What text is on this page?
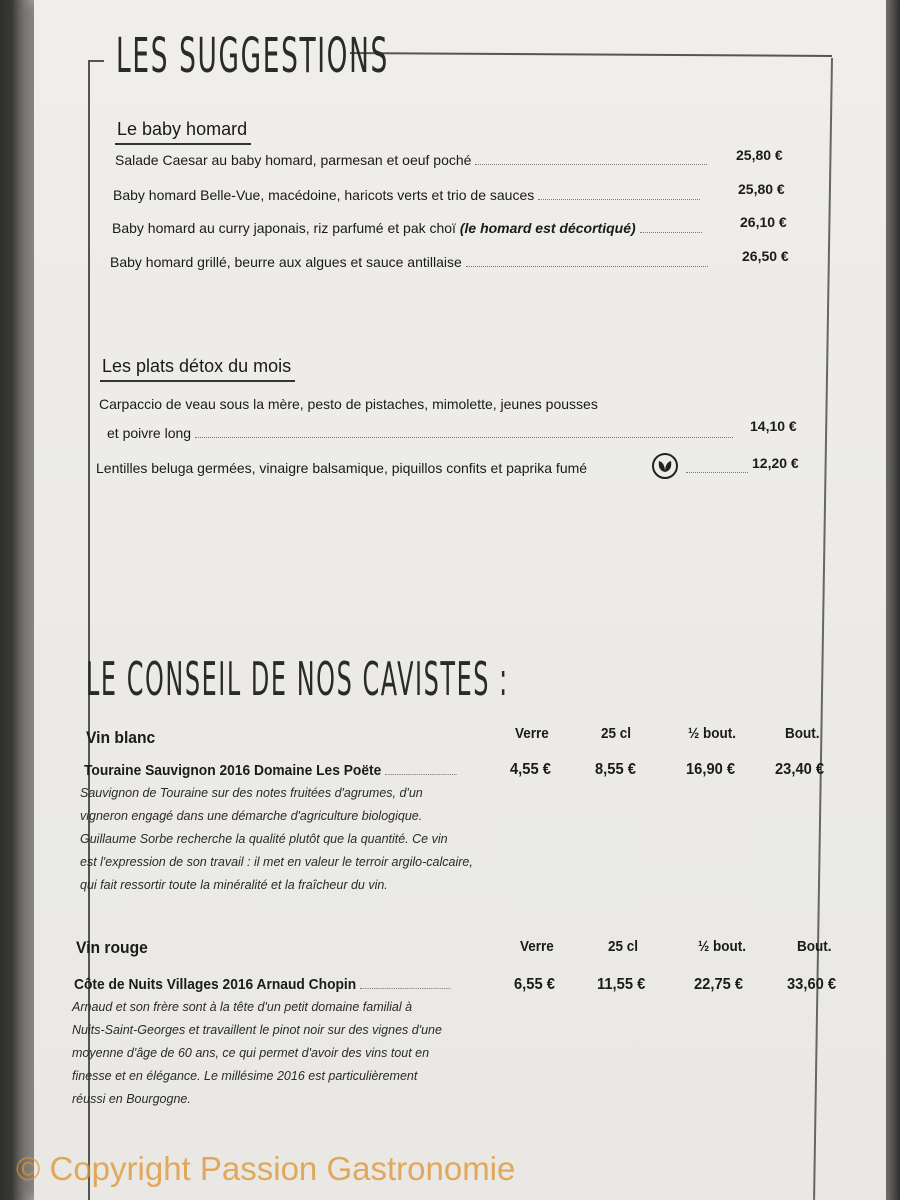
LES SUGGESTIONS
Le baby homard
Salade Caesar au baby homard, parmesan et oeuf poché	25,80 €
Baby homard Belle-Vue, macédoine, haricots verts et trio de sauces	25,80 €
Baby homard au curry japonais, riz parfumé et pak choï (le homard est décortiqué)	26,10 €
Baby homard grillé, beurre aux algues et sauce antillaise	26,50 €
Les plats détox du mois
Carpaccio de veau sous la mère, pesto de pistaches, mimolette, jeunes pousses
et poivre long	14,10 €
Lentilles beluga germées, vinaigre balsamique, piquillos confits et paprika fumé	12,20 €
LE CONSEIL DE NOS CAVISTES :
Vin blanc	Verre	25 cl	½ bout.	Bout.
Touraine Sauvignon 2016 Domaine Les Poëte	4,55 €	8,55 €	16,90 € 23,40 €
Sauvignon de Touraine sur des notes fruitées d'agrumes, d'un
vigneron engagé dans une démarche d'agriculture biologique.
Guillaume Sorbe recherche la qualité plutôt que la quantité. Ce vin
est l'expression de son travail : il met en valeur le terroir argilo-calcaire,
qui fait ressortir toute la minéralité et la fraîcheur du vin.
Vin rouge	Verre	25 cl	½ bout.	Bout.
Côte de Nuits Villages 2016 Arnaud Chopin	6,55 €	11,55 €	22,75 €	33,60 €
Arnaud et son frère sont à la tête d'un petit domaine familial à
Nuits-Saint-Georges et travaillent le pinot noir sur des vignes d'une
moyenne d'âge de 60 ans, ce qui permet d'avoir des vins tout en
finesse et en élégance. Le millésime 2016 est particulièrement
réussi en Bourgogne.
© Copyright Passion Gastronomie
